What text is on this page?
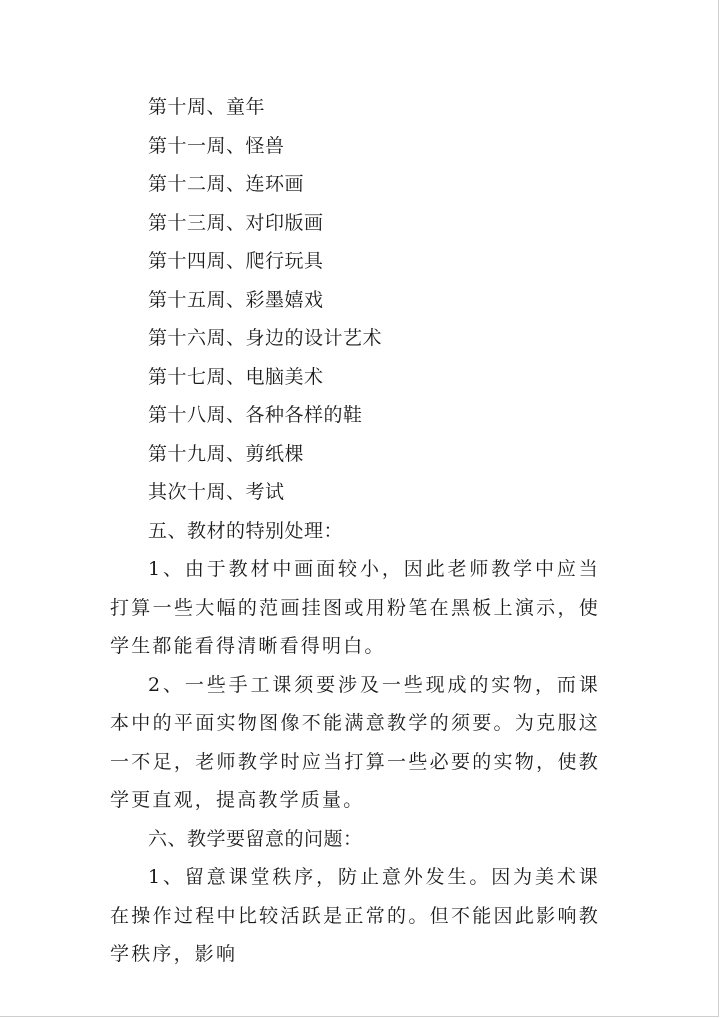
第十周、童年
第十一周、怪兽
第十二周、连环画
第十三周、对印版画
第十四周、爬行玩具
第十五周、彩墨嬉戏
第十六周、身边的设计艺术
第十七周、电脑美术
第十八周、各种各样的鞋
第十九周、剪纸棵
其次十周、考试
五、教材的特别处理：

1、由于教材中画面较小，因此老师教学中应当打算一些大幅的范画挂图或用粉笔在黑板上演示，使学生都能看得清晰看得明白。

2、一些手工课须要涉及一些现成的实物，而课本中的平面实物图像不能满意教学的须要。为克服这一不足，老师教学时应当打算一些必要的实物，使教学更直观，提高教学质量。

六、教学要留意的问题：

1、留意课堂秩序，防止意外发生。因为美术课在操作过程中比较活跃是正常的。但不能因此影响教学秩序，影响
